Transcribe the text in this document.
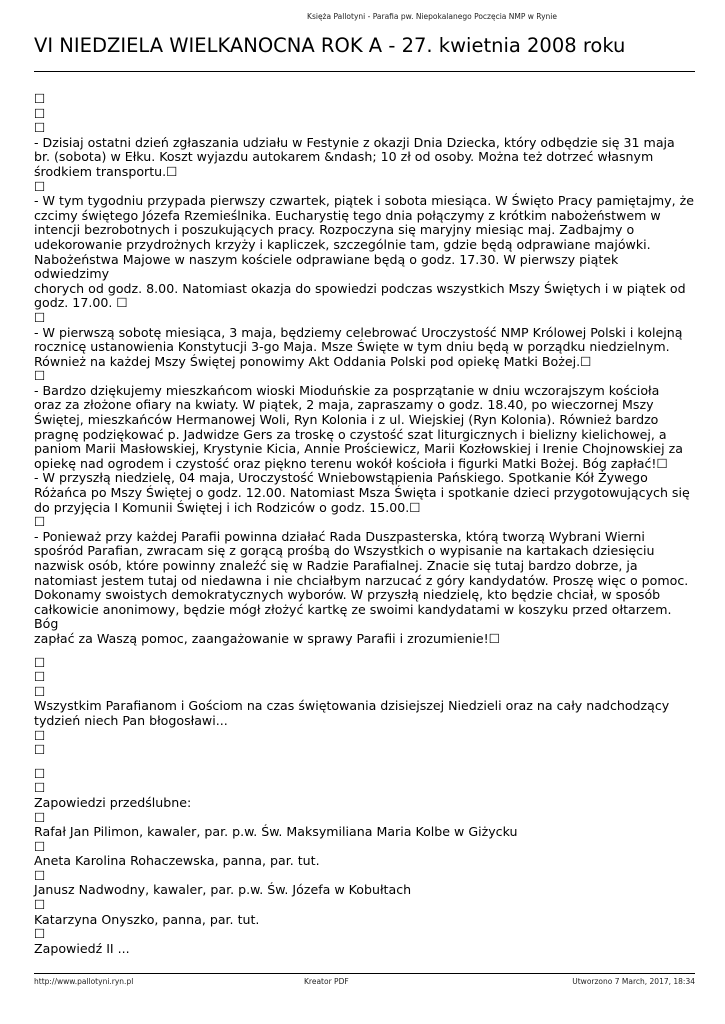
Księża Pallotyni - Parafia pw. Niepokalanego Poczęcia NMP w Rynie
VI NIEDZIELA WIELKANOCNA ROK A - 27. kwietnia 2008 roku
☐
☐
☐
- Dzisiaj ostatni dzień zgłaszania udziału w Festynie z okazji Dnia Dziecka, który odbędzie się 31 maja
br. (sobota) w Ełku. Koszt wyjazdu autokarem &ndash; 10 zł od osoby. Można też dotrzeć własnym
środkiem transportu.☐
☐
- W tym tygodniu przypada pierwszy czwartek, piątek i sobota miesiąca. W Święto Pracy pamiętajmy, że
czcimy świętego Józefa Rzemieślnika. Eucharystię tego dnia połączymy z krótkim nabożeństwem w
intencji bezrobotnych i poszukujących pracy. Rozpoczyna się maryjny miesiąc maj. Zadbajmy o
udekorowanie przydrożnych krzyży i kapliczek, szczególnie tam, gdzie będą odprawiane majówki.
Nabożeństwa Majowe w naszym kościele odprawiane będą o godz. 17.30. W pierwszy piątek odwiedzimy
chorych od godz. 8.00. Natomiast okazja do spowiedzi podczas wszystkich Mszy Świętych i w piątek od
godz. 17.00. ☐
☐
- W pierwszą sobotę miesiąca, 3 maja, będziemy celebrować Uroczystość NMP Królowej Polski i kolejną
rocznicę ustanowienia Konstytucji 3-go Maja. Msze Święte w tym dniu będą w porządku niedzielnym.
Również na każdej Mszy Świętej ponowimy Akt Oddania Polski pod opiekę Matki Bożej.☐
☐
- Bardzo dziękujemy mieszkańcom wioski Mioduńskie za posprzątanie w dniu wczorajszym kościoła
oraz za złożone ofiary na kwiaty. W piątek, 2 maja, zapraszamy o godz. 18.40, po wieczornej Mszy
Świętej, mieszkańców Hermanowej Woli, Ryn Kolonia i z ul. Wiejskiej (Ryn Kolonia). Również bardzo
pragnę podziękować p. Jadwidze Gers za troskę o czystość szat liturgicznych i bielizny kielichowej, a
paniom Marii Masłowskiej, Krystynie Kicia, Annie Prościewicz, Marii Kozłowskiej i Irenie Chojnowskiej za
opiekę nad ogrodem i czystość oraz piękno terenu wokół kościoła i figurki Matki Bożej. Bóg zapłać!☐
- W przyszłą niedzielę, 04 maja, Uroczystość Wniebowstąpienia Pańskiego. Spotkanie Kół Żywego
Różańca po Mszy Świętej o godz. 12.00. Natomiast Msza Święta i spotkanie dzieci przygotowujących się
do przyjęcia I Komunii Świętej i ich Rodziców o godz. 15.00.☐
☐
- Ponieważ przy każdej Parafii powinna działać Rada Duszpasterska, którą tworzą Wybrani Wierni
spośród Parafian, zwracam się z gorącą prośbą do Wszystkich o wypisanie na kartakach dziesięciu
nazwisk osób, które powinny znaleźć się w Radzie Parafialnej. Znacie się tutaj bardzo dobrze, ja
natomiast jestem tutaj od niedawna i nie chciałbym narzucać z góry kandydatów. Proszę więc o pomoc.
Dokonamy swoistych demokratycznych wyborów. W przyszłą niedzielę, kto będzie chciał, w sposób
całkowicie anonimowy, będzie mógł złożyć kartkę ze swoimi kandydatami w koszyku przed ołtarzem. Bóg
zapłać za Waszą pomoc, zaangażowanie w sprawy Parafii i zrozumienie!☐
☐
☐
☐
Wszystkim Parafianom i Gościom na czas świętowania dzisiejszej Niedzieli oraz na cały nadchodzący
tydzień niech Pan błogosławi...
☐
☐
☐
☐
Zapowiedzi przedślubne:
☐
Rafał Jan Pilimon, kawaler, par. p.w. Św. Maksymiliana Maria Kolbe w Giżycku
☐
Aneta Karolina Rohaczewska, panna, par. tut.
☐
Janusz Nadwodny, kawaler, par. p.w. Św. Józefa w Kobułtach
☐
Katarzyna Onyszko, panna, par. tut.
☐
Zapowiedź II ...
http://www.pallotyni.ryn.pl	Kreator PDF	Utworzono 7 March, 2017, 18:34
